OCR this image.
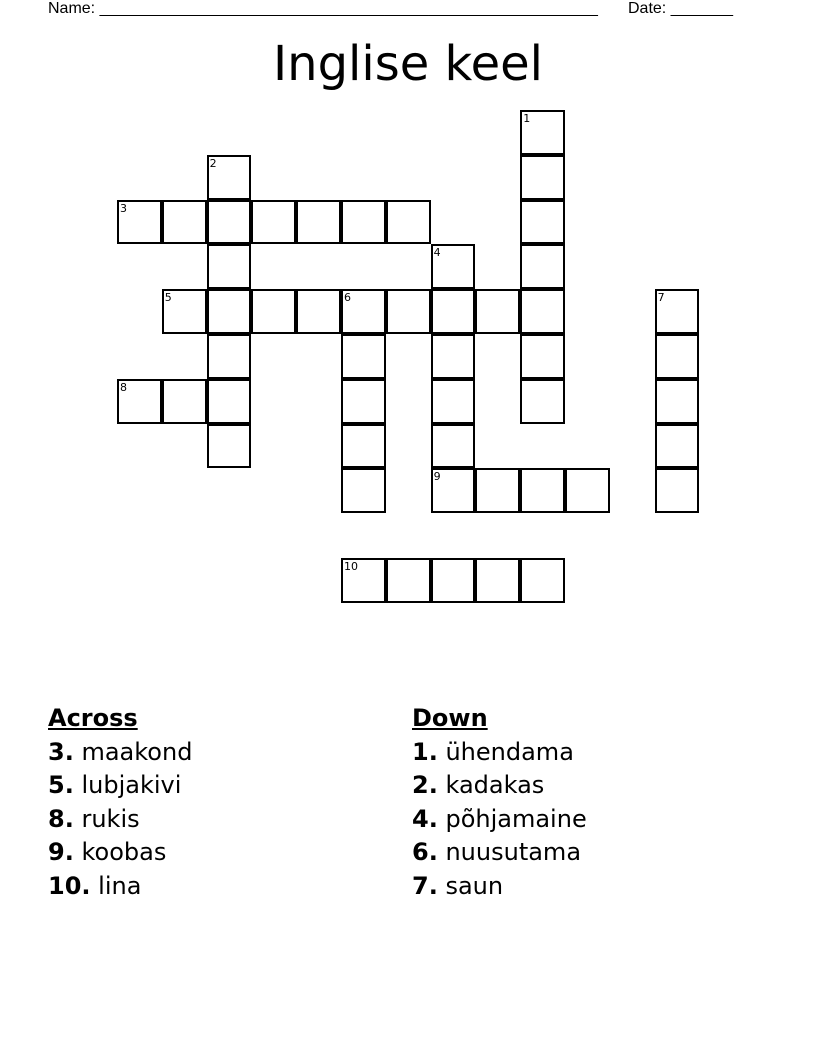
Name: ________________________________________________________ Date: _______
Inglise keel
1
2
3
4
5	6	7
8
9
10
Across
3. maakond
5. lubjakivi
8. rukis
9. koobas
10. lina
Down
1. ühendama
2. kadakas
4. põhjamaine
6. nuusutama
7. saun
